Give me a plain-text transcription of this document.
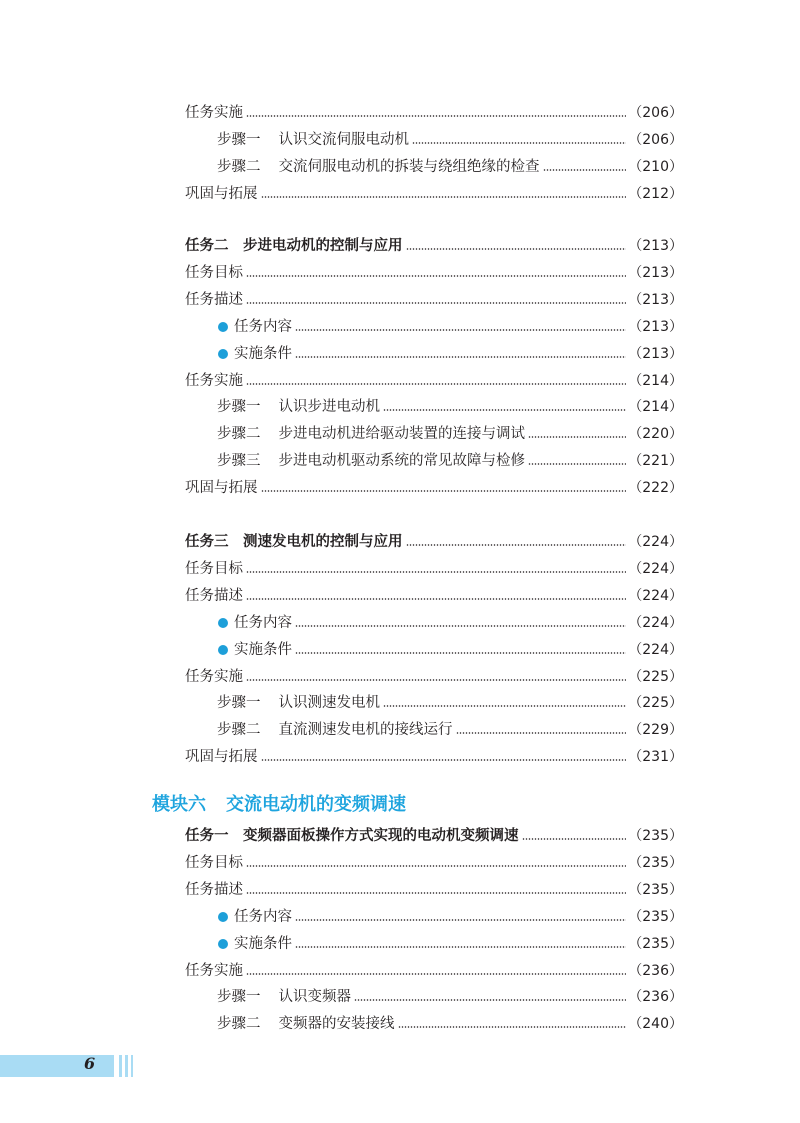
任务实施	（206）
步骤一 认识交流伺服电动机	（206）
步骤二 交流伺服电动机的拆装与绕组绝缘的检查	（210）
巩固与拓展	（212）
任务二　步进电动机的控制与应用	（213）
任务目标	（213）
任务描述	（213）
任务内容	（213）
实施条件	（213）
任务实施	（214）
步骤一 认识步进电动机	（214）
步骤二 步进电动机进给驱动装置的连接与调试	（220）
步骤三 步进电动机驱动系统的常见故障与检修	（221）
巩固与拓展	（222）
任务三　测速发电机的控制与应用	（224）
任务目标	（224）
任务描述	（224）
任务内容	（224）
实施条件	（224）
任务实施	（225）
步骤一 认识测速发电机	（225）
步骤二 直流测速发电机的接线运行	（229）
巩固与拓展	（231）
任务一　变频器面板操作方式实现的电动机变频调速	（235）
任务目标	（235）
任务描述	（235）
任务内容	（235）
实施条件	（235）
任务实施	（236）
步骤一 认识变频器	（236）
步骤二 变频器的安装接线	（240）
模块六 交流电动机的变频调速
6
